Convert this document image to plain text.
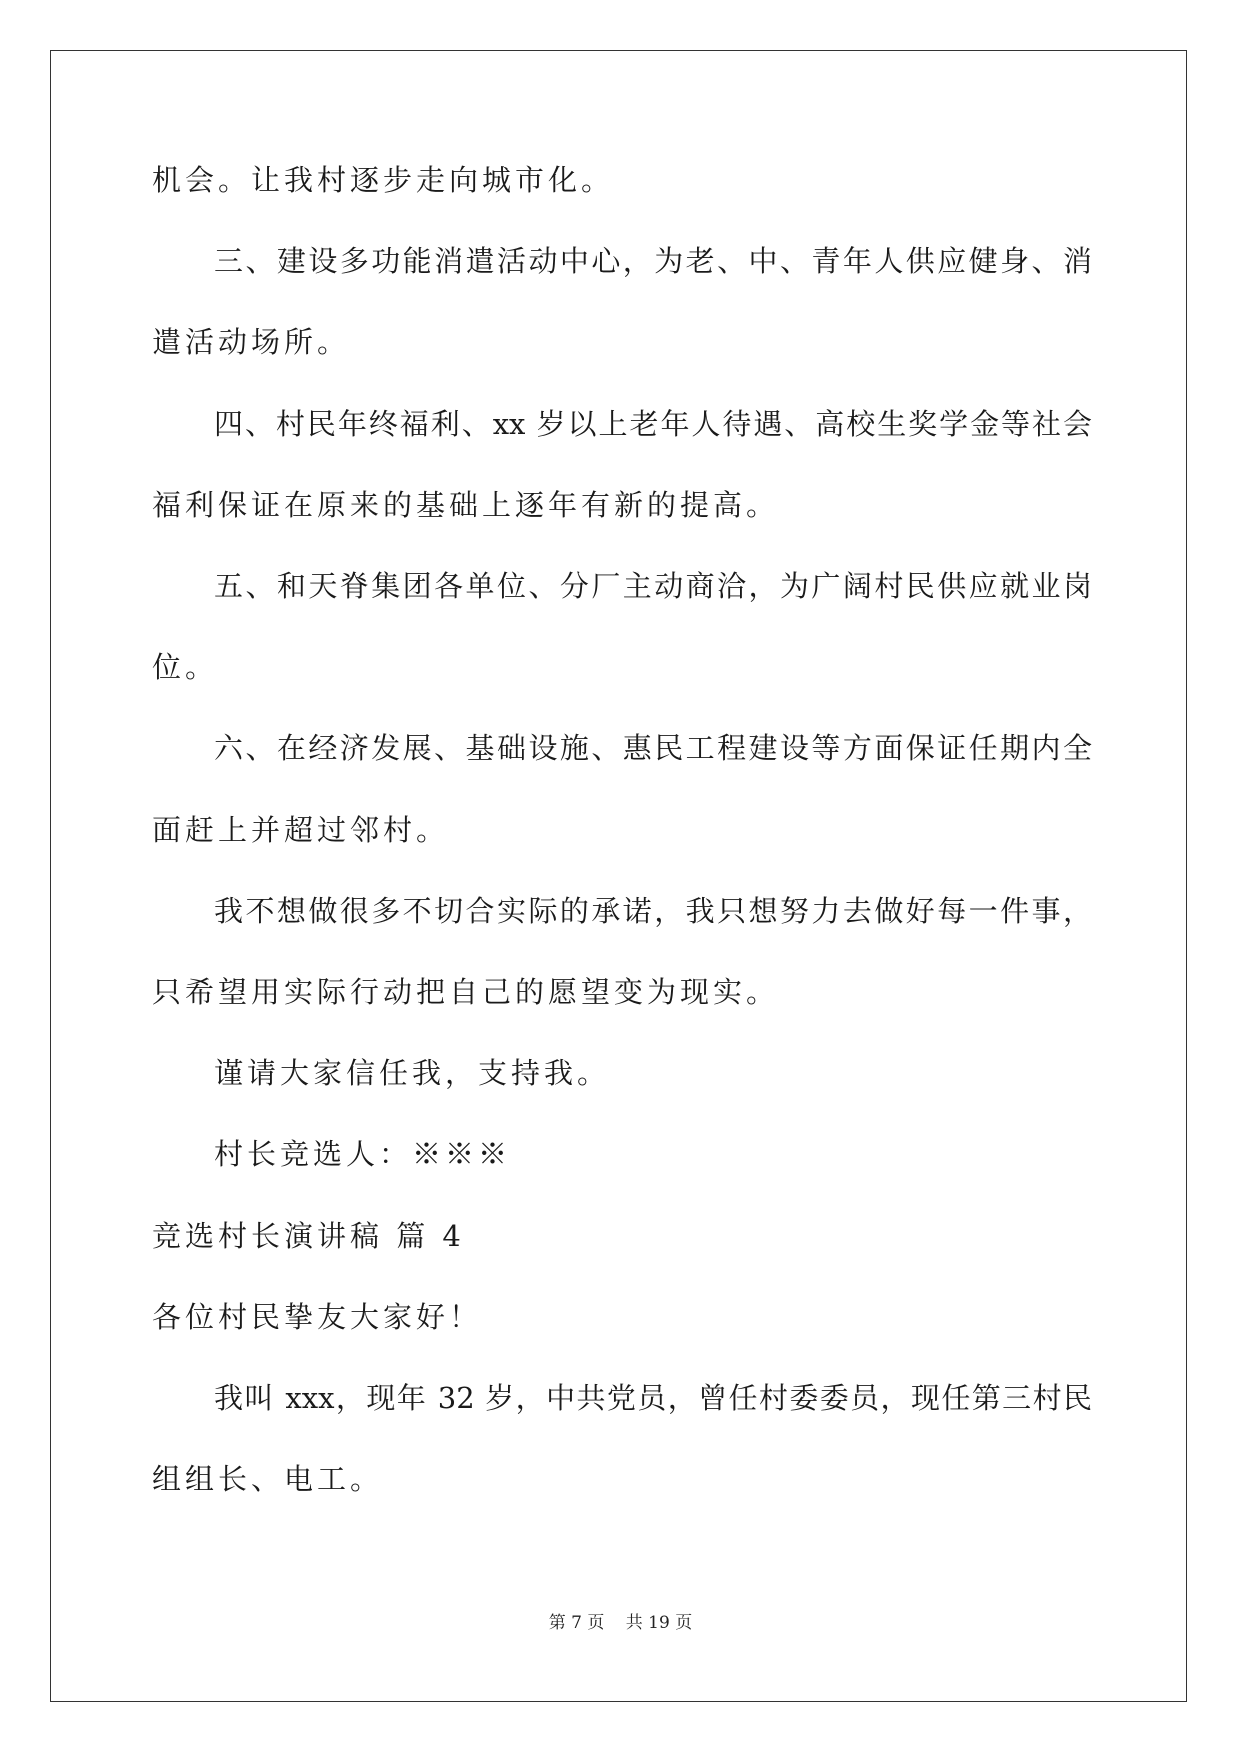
机会。让我村逐步走向城市化。
三、建设多功能消遣活动中心，为老、中、青年人供应健身、消
遣活动场所。
四、村民年终福利、xx 岁以上老年人待遇、高校生奖学金等社会
福利保证在原来的基础上逐年有新的提高。
五、和天脊集团各单位、分厂主动商洽，为广阔村民供应就业岗
位。
六、在经济发展、基础设施、惠民工程建设等方面保证任期内全
面赶上并超过邻村。
我不想做很多不切合实际的承诺，我只想努力去做好每一件事，
只希望用实际行动把自己的愿望变为现实。
谨请大家信任我，支持我。
村长竞选人：※※※
竞选村长演讲稿 篇 4
各位村民挚友大家好！
我叫 xxx，现年 32 岁，中共党员，曾任村委委员，现任第三村民
组组长、电工。
第 7 页 共 19 页
